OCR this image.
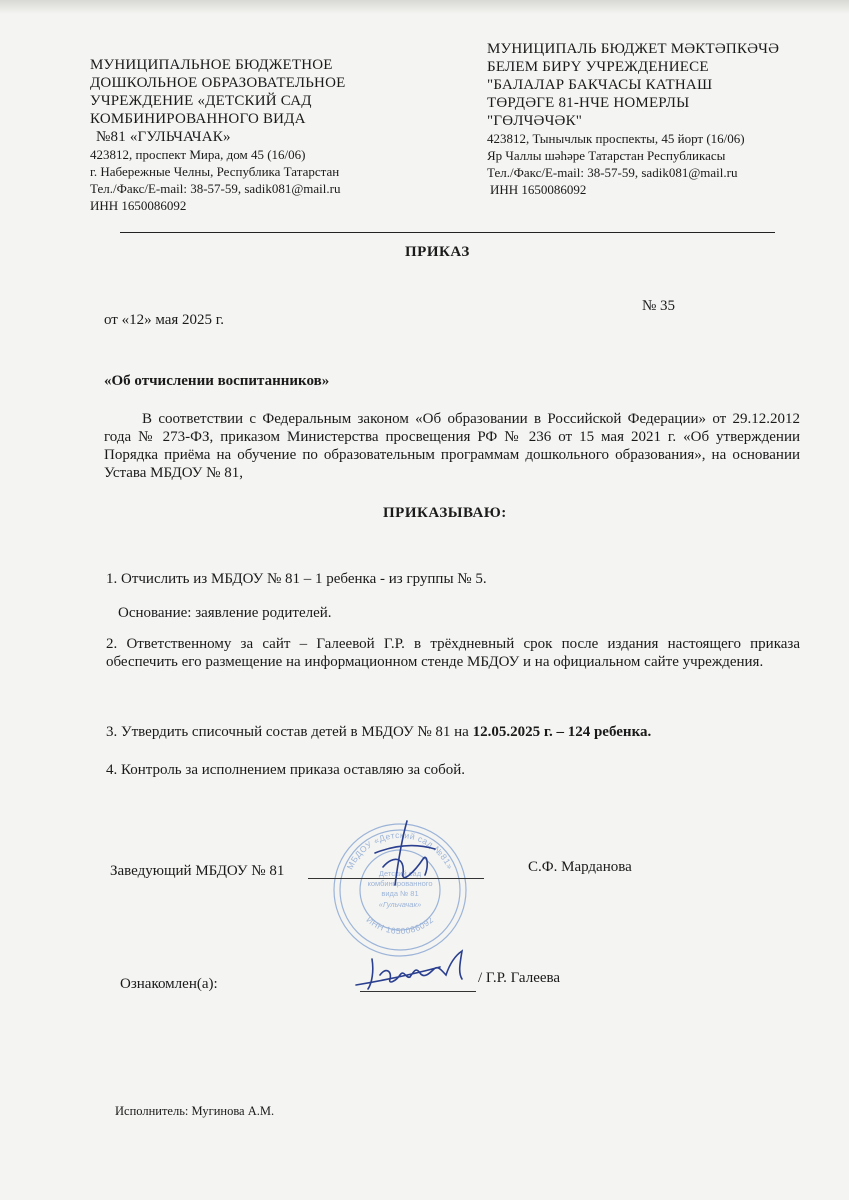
МУНИЦИПАЛЬНОЕ БЮДЖЕТНОЕ
ДОШКОЛЬНОЕ ОБРАЗОВАТЕЛЬНОЕ
УЧРЕЖДЕНИЕ «ДЕТСКИЙ САД
КОМБИНИРОВАННОГО ВИДА
№81 «ГУЛЬЧАЧАК»
423812, проспект Мира, дом 45 (16/06)
г. Набережные Челны, Республика Татарстан
Тел./Факс/E-mail: 38-57-59, sadik081@mail.ru
ИНН 1650086092
МУНИЦИПАЛЬ БЮДЖЕТ МӘКТӘПКӘЧӘ
БЕЛЕМ БИРҮ УЧРЕЖДЕНИЕСЕ
"БАЛАЛАР БАКЧАСЫ КАТНАШ
ТӨРДӘГЕ 81-НЧЕ НОМЕРЛЫ
"ГӨЛЧӘЧӘК"
423812, Тынычлык проспекты, 45 йорт (16/06)
Яр Чаллы шәһәре Татарстан Республикасы
Тел./Факс/E-mail: 38-57-59, sadik081@mail.ru
ИНН 1650086092
ПРИКАЗ
от «12» мая 2025 г.
№ 35
«Об отчислении воспитанников»
В соответствии с Федеральным законом «Об образовании в Российской Федерации» от 29.12.2012 года № 273-ФЗ, приказом Министерства просвещения РФ № 236 от 15 мая 2021 г. «Об утверждении Порядка приёма на обучение по образовательным программам дошкольного образования», на основании Устава МБДОУ № 81,
ПРИКАЗЫВАЮ:
1. Отчислить из МБДОУ № 81 – 1 ребенка - из группы № 5.
Основание: заявление родителей.
2. Ответственному за сайт – Галеевой Г.Р. в трёхдневный срок после издания настоящего приказа обеспечить его размещение на информационном стенде МБДОУ и на официальном сайте учреждения.
3. Утвердить списочный состав детей в МБДОУ № 81 на 12.05.2025 г. – 124 ребенка.
4. Контроль за исполнением приказа оставляю за собой.
МБДОУ «Детский сад №81»
ИНН 1650086092
Детский сад
комбинированного
вида № 81
«Гульчачак»
Заведующий МБДОУ № 81	С.Ф. Марданова
Ознакомлен(а):	/ Г.Р. Галеева
Исполнитель: Мугинова А.М.
